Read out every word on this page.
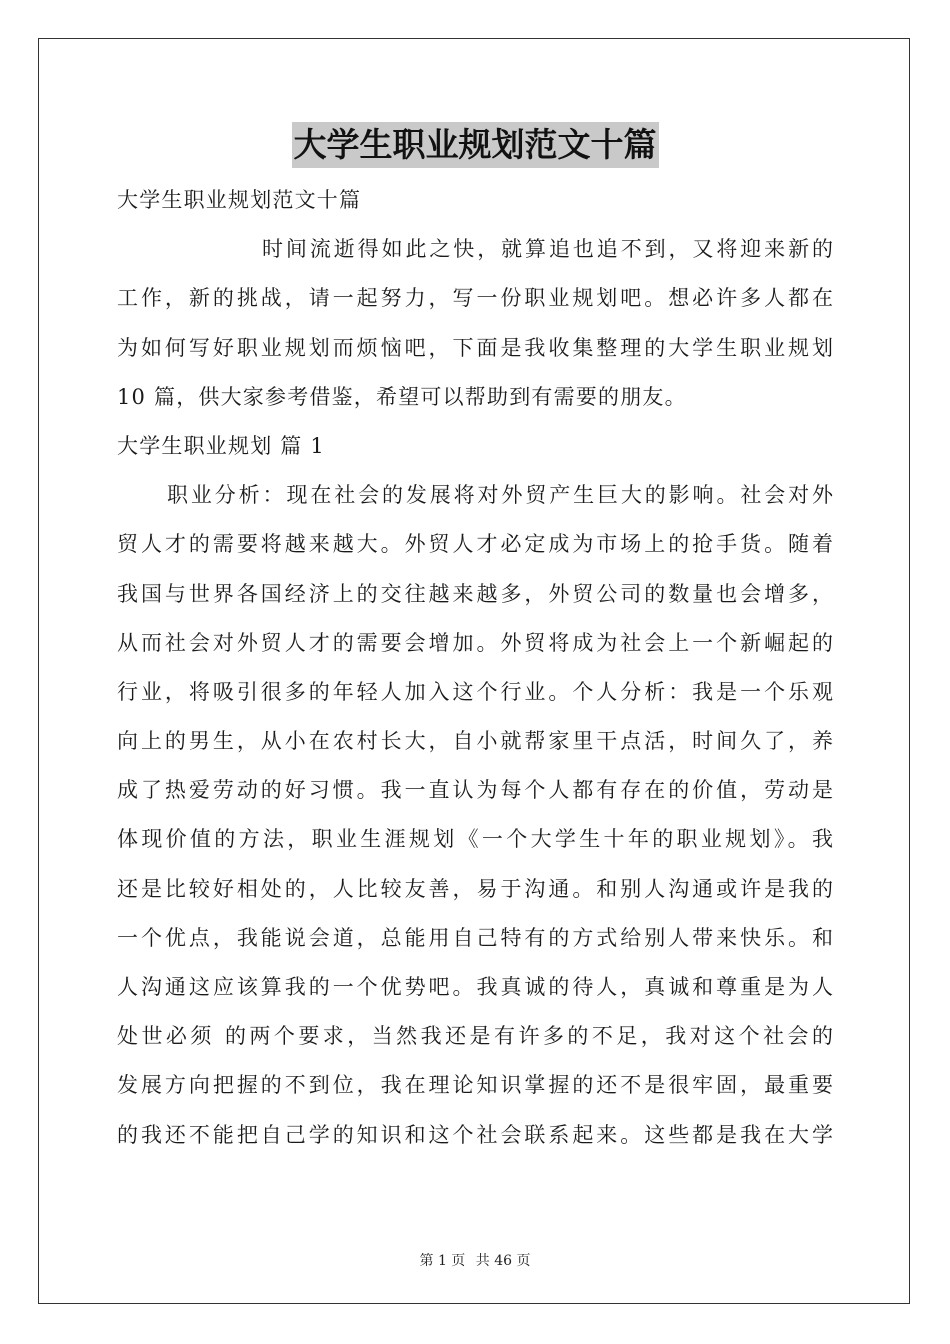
大学生职业规划范文十篇
大学生职业规划范文十篇
时间流逝得如此之快，就算追也追不到，又将迎来新的
工作，新的挑战，请一起努力，写一份职业规划吧。想必许多人都在
为如何写好职业规划而烦恼吧，下面是我收集整理的大学生职业规划
10 篇，供大家参考借鉴，希望可以帮助到有需要的朋友。
大学生职业规划 篇 1
职业分析：现在社会的发展将对外贸产生巨大的影响。社会对外
贸人才的需要将越来越大。外贸人才必定成为市场上的抢手货。随着
我国与世界各国经济上的交往越来越多，外贸公司的数量也会增多，
从而社会对外贸人才的需要会增加。外贸将成为社会上一个新崛起的
行业，将吸引很多的年轻人加入这个行业。个人分析：我是一个乐观
向上的男生，从小在农村长大，自小就帮家里干点活，时间久了，养
成了热爱劳动的好习惯。我一直认为每个人都有存在的价值，劳动是
体现价值的方法，职业生涯规划《一个大学生十年的职业规划》。我
还是比较好相处的，人比较友善，易于沟通。和别人沟通或许是我的
一个优点，我能说会道，总能用自己特有的方式给别人带来快乐。和
人沟通这应该算我的一个优势吧。我真诚的待人，真诚和尊重是为人
处世必须 的两个要求，当然我还是有许多的不足，我对这个社会的
发展方向把握的不到位，我在理论知识掌握的还不是很牢固，最重要
的我还不能把自己学的知识和这个社会联系起来。这些都是我在大学
第 1 页 共 46 页
